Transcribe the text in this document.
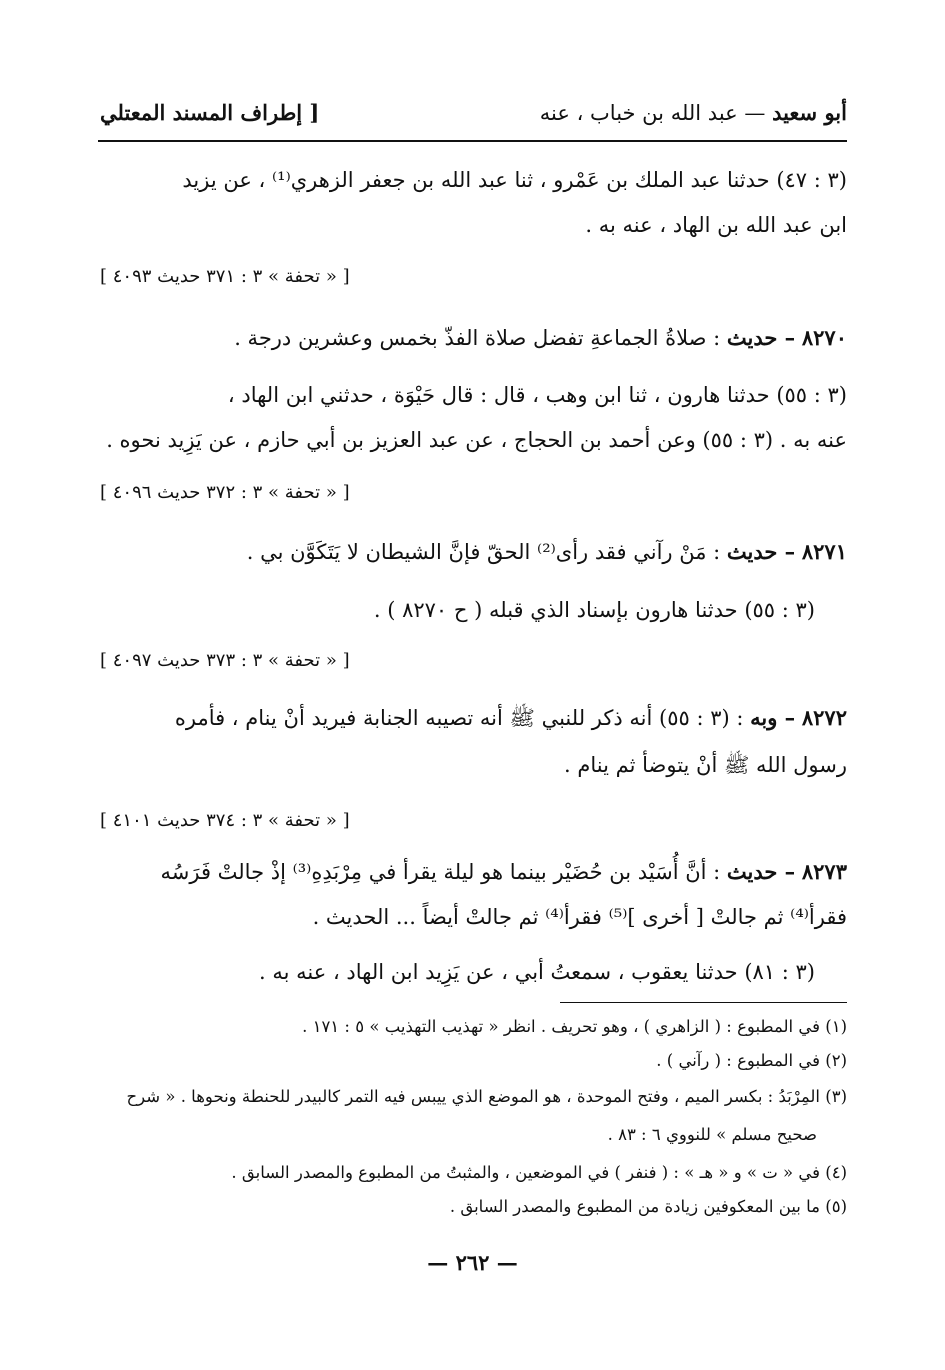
أبو سعيد — عبد الله بن خباب ، عنه
[ إطراف المسند المعتلي
(٣ : ٤٧) حدثنا عبد الملك بن عَمْرو ، ثنا عبد الله بن جعفر الزهري⁽¹⁾ ، عن يزيد
ابن عبد الله بن الهاد ، عنه به .
[ « تحفة » ٣ : ٣٧١ حديث ٤٠٩٣ ]
٨٢٧٠ – حديث : صلاةُ الجماعةِ تفضل صلاة الفذّ بخمس وعشرين درجة .
(٣ : ٥٥) حدثنا هارون ، ثنا ابن وهب ، قال : قال حَيْوَة ، حدثني ابن الهاد ،
عنه به . (٣ : ٥٥) وعن أحمد بن الحجاج ، عن عبد العزيز بن أبي حازم ، عن يَزِيد نحوه .
[ « تحفة » ٣ : ٣٧٢ حديث ٤٠٩٦ ]
٨٢٧١ – حديث : مَنْ رآني فقد رأى⁽²⁾ الحقّ فإنَّ الشيطان لا يَتَكَوَّن بي .
(٣ : ٥٥) حدثنا هارون بإسناد الذي قبله ( ح ٨٢٧٠ ) .
[ « تحفة » ٣ : ٣٧٣ حديث ٤٠٩٧ ]
٨٢٧٢ – وبه : (٣ : ٥٥) أنه ذكر للنبي ﷺ أنه تصيبه الجنابة فيريد أنْ ينام ، فأمره
رسول الله ﷺ أنْ يتوضأ ثم ينام .
[ « تحفة » ٣ : ٣٧٤ حديث ٤١٠١ ]
٨٢٧٣ – حديث : أنَّ أُسَيْد بن حُضَيْر بينما هو ليلة يقرأ في مِرْبَدِهِ⁽³⁾ إذْ جالتْ فَرَسُه
فقرأ⁽⁴⁾ ثم جالتْ [ أخرى ]⁽⁵⁾ فقرأ⁽⁴⁾ ثم جالتْ أيضاً ... الحديث .
(٣ : ٨١) حدثنا يعقوب ، سمعتُ أبي ، عن يَزِيد ابن الهاد ، عنه به .
(١) في المطبوع : ( الزاهري ) ، وهو تحريف . انظر « تهذيب التهذيب » ٥ : ١٧١ .
(٢) في المطبوع : ( رآني ) .
(٣) المِرْبَدُ : بكسر الميم ، وفتح الموحدة ، هو الموضع الذي ييبس فيه التمر كالبيدر للحنطة ونحوها . « شرح
صحيح مسلم » للنووي ٦ : ٨٣ .
(٤) في « ت » و « هـ » : ( فنفر ) في الموضعين ، والمثبتُ من المطبوع والمصدر السابق .
(٥) ما بين المعكوفين زيادة من المطبوع والمصدر السابق .
— ٢٦٢ —
